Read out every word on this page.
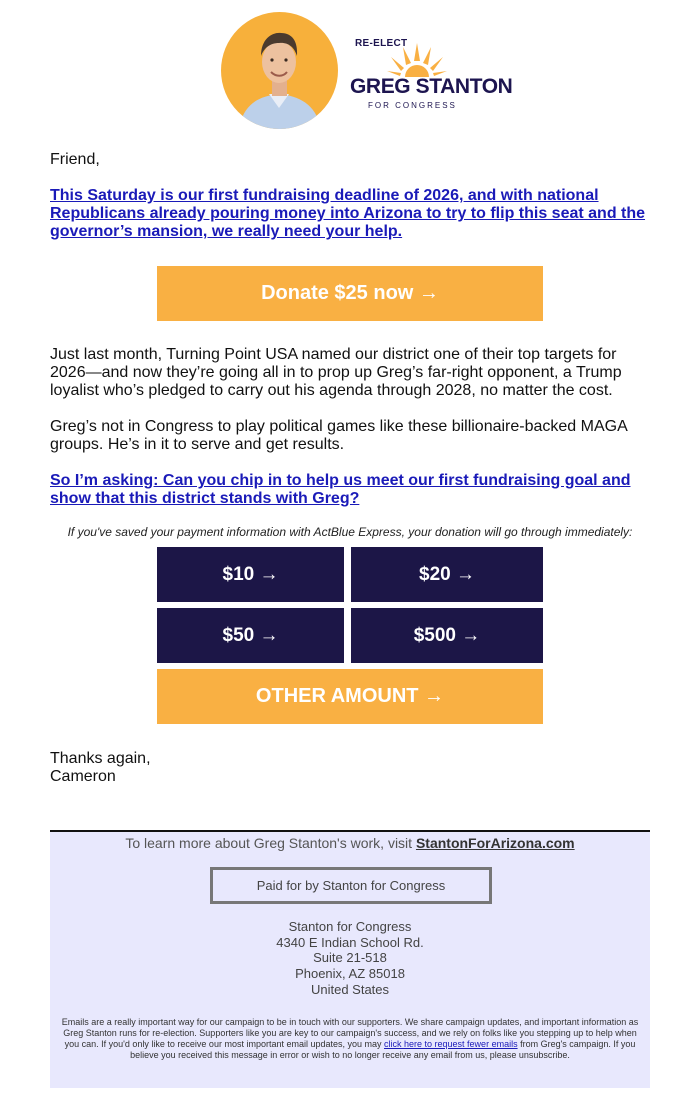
RE-ELECT
GREG STANTON
FOR CONGRESS
Friend,
This Saturday is our first fundraising deadline of 2026, and with national Republicans already pouring money into Arizona to try to flip this seat and the governor’s mansion, we really need your help.
Donate $25 now →
Just last month, Turning Point USA named our district one of their top targets for 2026—and now they’re going all in to prop up Greg’s far-right opponent, a Trump loyalist who’s pledged to carry out his agenda through 2028, no matter the cost.
Greg’s not in Congress to play political games like these billionaire-backed MAGA groups. He’s in it to serve and get results.
So I’m asking: Can you chip in to help us meet our first fundraising goal and show that this district stands with Greg?
If you've saved your payment information with ActBlue Express, your donation will go through immediately:
$10 →	$20 →
$50 →	$500 →
OTHER AMOUNT →
Thanks again,
Cameron
To learn more about Greg Stanton's work, visit StantonForArizona.com
Paid for by Stanton for Congress
Stanton for Congress
4340 E Indian School Rd.
Suite 21-518
Phoenix, AZ 85018
United States
Emails are a really important way for our campaign to be in touch with our supporters. We share campaign updates, and important information as Greg Stanton runs for re-election. Supporters like you are key to our campaign's success, and we rely on folks like you stepping up to help when you can. If you'd only like to receive our most important email updates, you may click here to request fewer emails from Greg's campaign. If you believe you received this message in error or wish to no longer receive any email from us, please unsubscribe.
